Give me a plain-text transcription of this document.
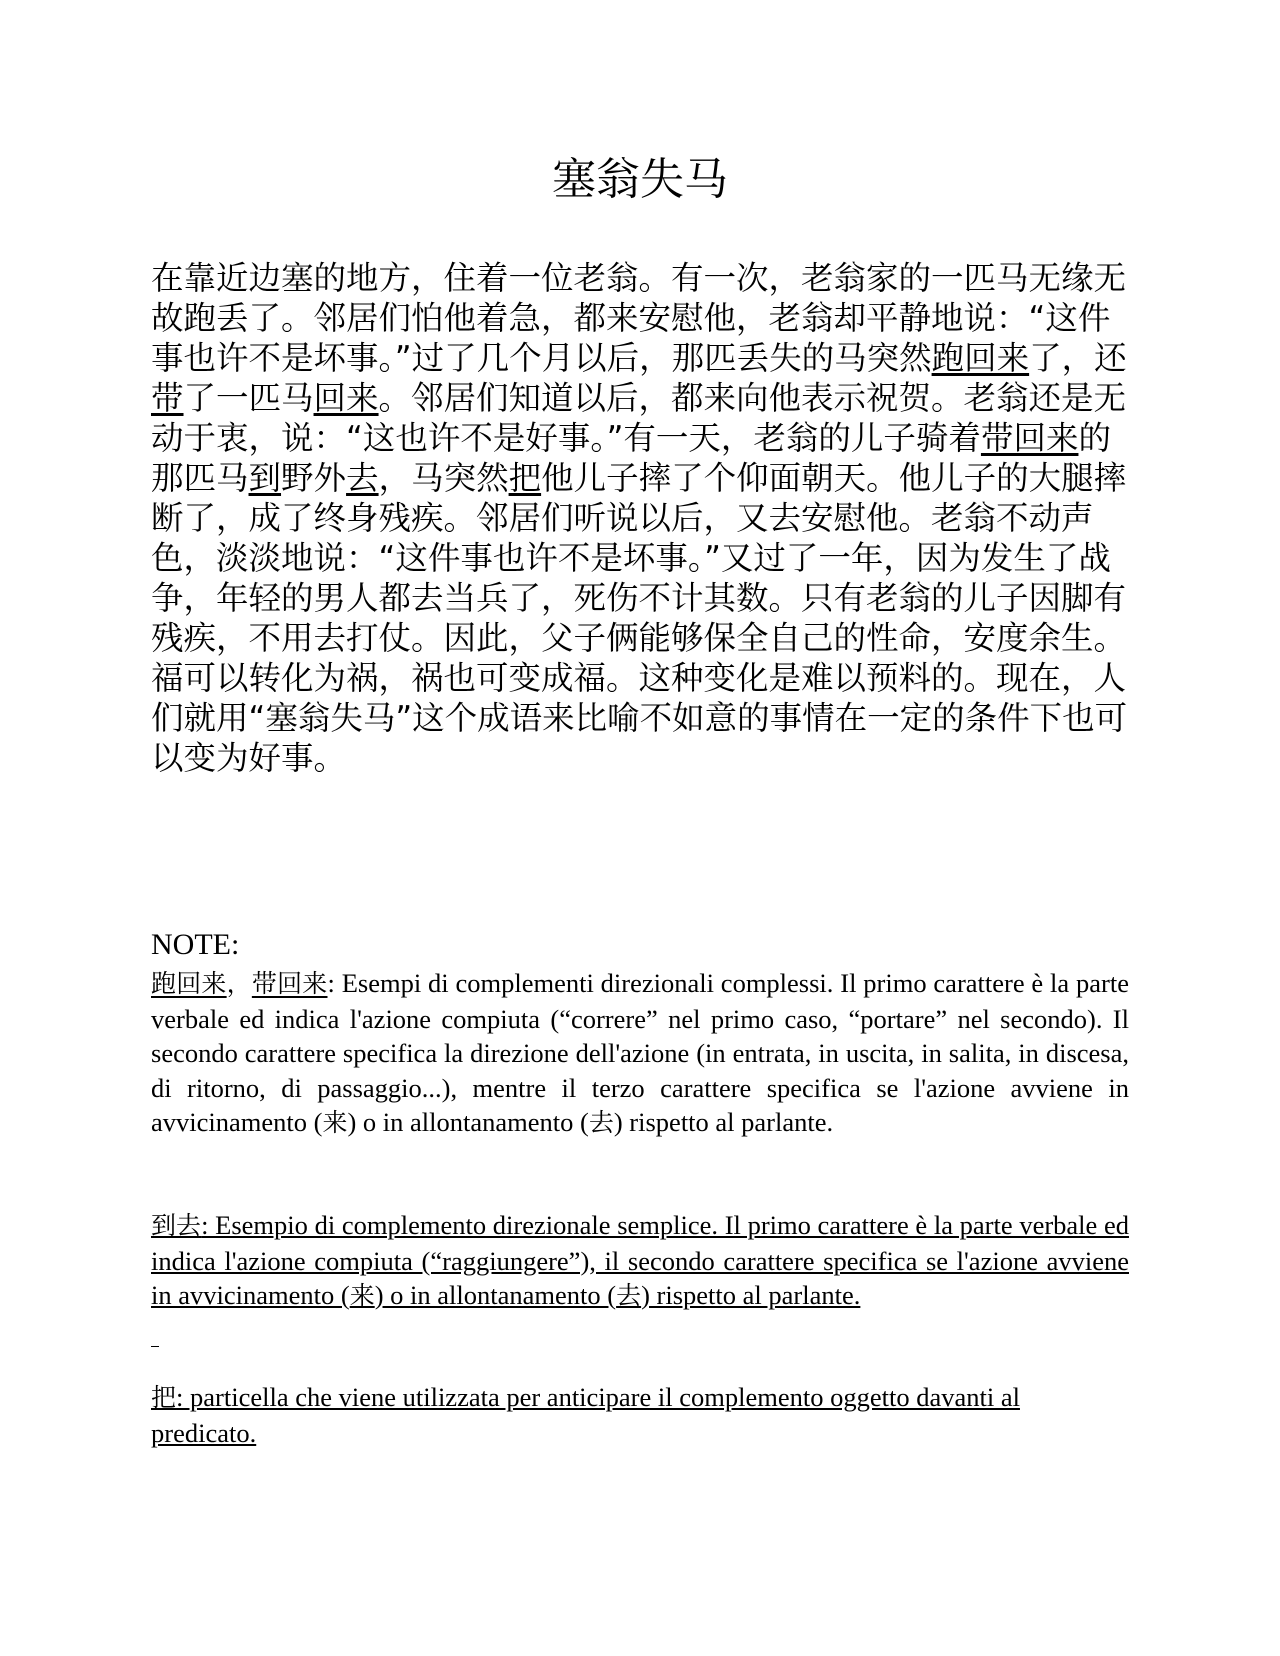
塞翁失马

在靠近边塞的地方，住着一位老翁。有一次，老翁家的一匹马无缘无故跑丢了。邻居们怕他着急，都来安慰他，老翁却平静地说：“这件事也许不是坏事。”过了几个月以后，那匹丢失的马突然跑回来了，还带了一匹马回来。邻居们知道以后，都来向他表示祝贺。老翁还是无动于衷，说：“这也许不是好事。”有一天，老翁的儿子骑着带回来的那匹马到野外去，马突然把他儿子摔了个仰面朝天。他儿子的大腿摔断了，成了终身残疾。邻居们听说以后，又去安慰他。老翁不动声色，淡淡地说：“这件事也许不是坏事。”又过了一年，因为发生了战争，年轻的男人都去当兵了，死伤不计其数。只有老翁的儿子因脚有残疾，不用去打仗。因此，父子俩能够保全自己的性命，安度余生。

福可以转化为祸，祸也可变成福。这种变化是难以预料的。现在，人们就用“塞翁失马”这个成语来比喻不如意的事情在一定的条件下也可以变为好事。

NOTE:

跑回来，带回来: Esempi di complementi direzionali complessi. Il primo carattere è la parte verbale ed indica l'azione compiuta (“correre” nel primo caso, “portare” nel secondo). Il secondo carattere specifica la direzione dell'azione (in entrata, in uscita, in salita, in discesa, di ritorno, di passaggio...), mentre il terzo carattere specifica se l'azione avviene in avvicinamento (来) o in allontanamento (去) rispetto al parlante.

到去: Esempio di complemento direzionale semplice. Il primo carattere è la parte verbale ed indica l'azione compiuta (“raggiungere”), il secondo carattere specifica se l'azione avviene in avvicinamento (来) o in allontanamento (去) rispetto al parlante.

把: particella che viene utilizzata per anticipare il complemento oggetto davanti al predicato.
